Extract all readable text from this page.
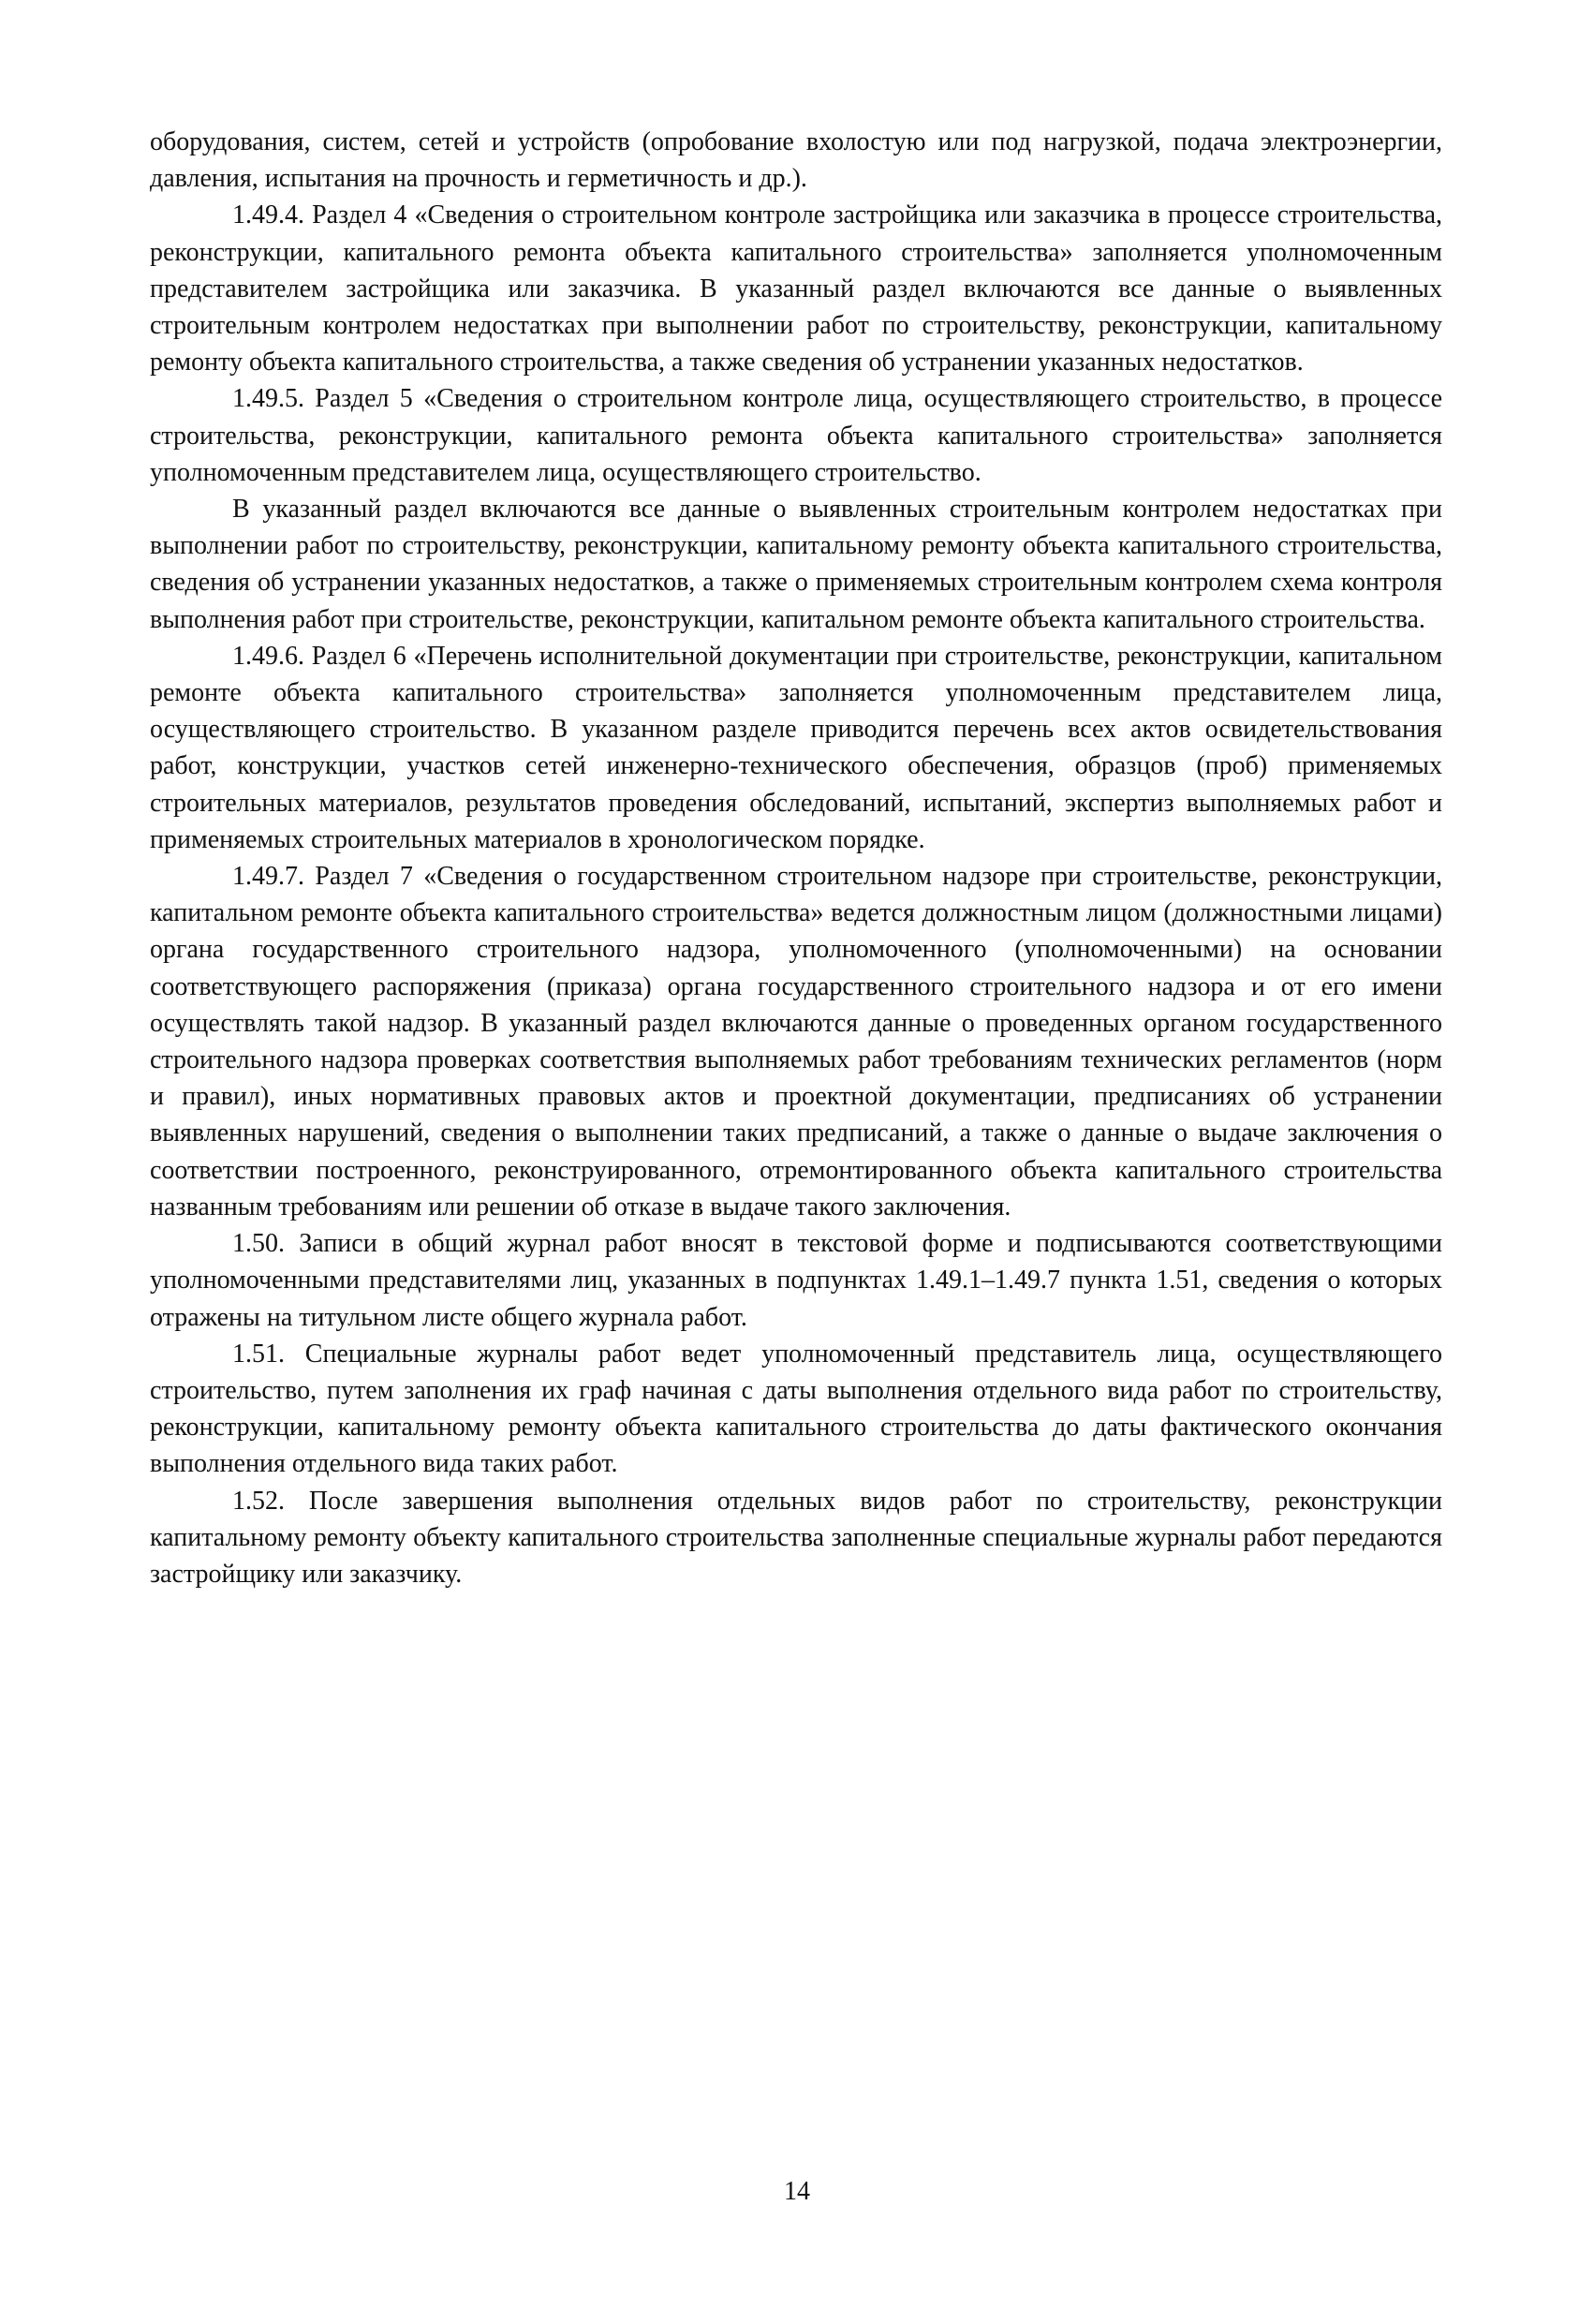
оборудования, систем, сетей и устройств (опробование вхолостую или под нагрузкой, подача электроэнергии, давления, испытания на прочность и герметичность и др.).

1.49.4. Раздел 4 «Сведения о строительном контроле застройщика или заказчика в процессе строительства, реконструкции, капитального ремонта объекта капитального строительства» заполняется уполномоченным представителем застройщика или заказчика. В указанный раздел включаются все данные о выявленных строительным контролем недостатках при выполнении работ по строительству, реконструкции, капитальному ремонту объекта капитального строительства, а также сведения об устранении указанных недостатков.

1.49.5. Раздел 5 «Сведения о строительном контроле лица, осуществляющего строительство, в процессе строительства, реконструкции, капитального ремонта объекта капитального строительства» заполняется уполномоченным представителем лица, осуществляющего строительство.

В указанный раздел включаются все данные о выявленных строительным контролем недостатках при выполнении работ по строительству, реконструкции, капитальному ремонту объекта капитального строительства, сведения об устранении указанных недостатков, а также о применяемых строительным контролем схема контроля выполнения работ при строительстве, реконструкции, капитальном ремонте объекта капитального строительства.

1.49.6. Раздел 6 «Перечень исполнительной документации при строительстве, реконструкции, капитальном ремонте объекта капитального строительства» заполняется уполномоченным представителем лица, осуществляющего строительство. В указанном разделе приводится перечень всех актов освидетельствования работ, конструкции, участков сетей инженерно-технического обеспечения, образцов (проб) применяемых строительных материалов, результатов проведения обследований, испытаний, экспертиз выполняемых работ и применяемых строительных материалов в хронологическом порядке.

1.49.7. Раздел 7 «Сведения о государственном строительном надзоре при строительстве, реконструкции, капитальном ремонте объекта капитального строительства» ведется должностным лицом (должностными лицами) органа государственного строительного надзора, уполномоченного (уполномоченными) на основании соответствующего распоряжения (приказа) органа государственного строительного надзора и от его имени осуществлять такой надзор. В указанный раздел включаются данные о проведенных органом государственного строительного надзора проверках соответствия выполняемых работ требованиям технических регламентов (норм и правил), иных нормативных правовых актов и проектной документации, предписаниях об устранении выявленных нарушений, сведения о выполнении таких предписаний, а также о данные о выдаче заключения о соответствии построенного, реконструированного, отремонтированного объекта капитального строительства названным требованиям или решении об отказе в выдаче такого заключения.

1.50. Записи в общий журнал работ вносят в текстовой форме и подписываются соответствующими уполномоченными представителями лиц, указанных в подпунктах 1.49.1–1.49.7 пункта 1.51, сведения о которых отражены на титульном листе общего журнала работ.

1.51. Специальные журналы работ ведет уполномоченный представитель лица, осуществляющего строительство, путем заполнения их граф начиная с даты выполнения отдельного вида работ по строительству, реконструкции, капитальному ремонту объекта капитального строительства до даты фактического окончания выполнения отдельного вида таких работ.

1.52. После завершения выполнения отдельных видов работ по строительству, реконструкции капитальному ремонту объекту капитального строительства заполненные специальные журналы работ передаются застройщику или заказчику.

14
